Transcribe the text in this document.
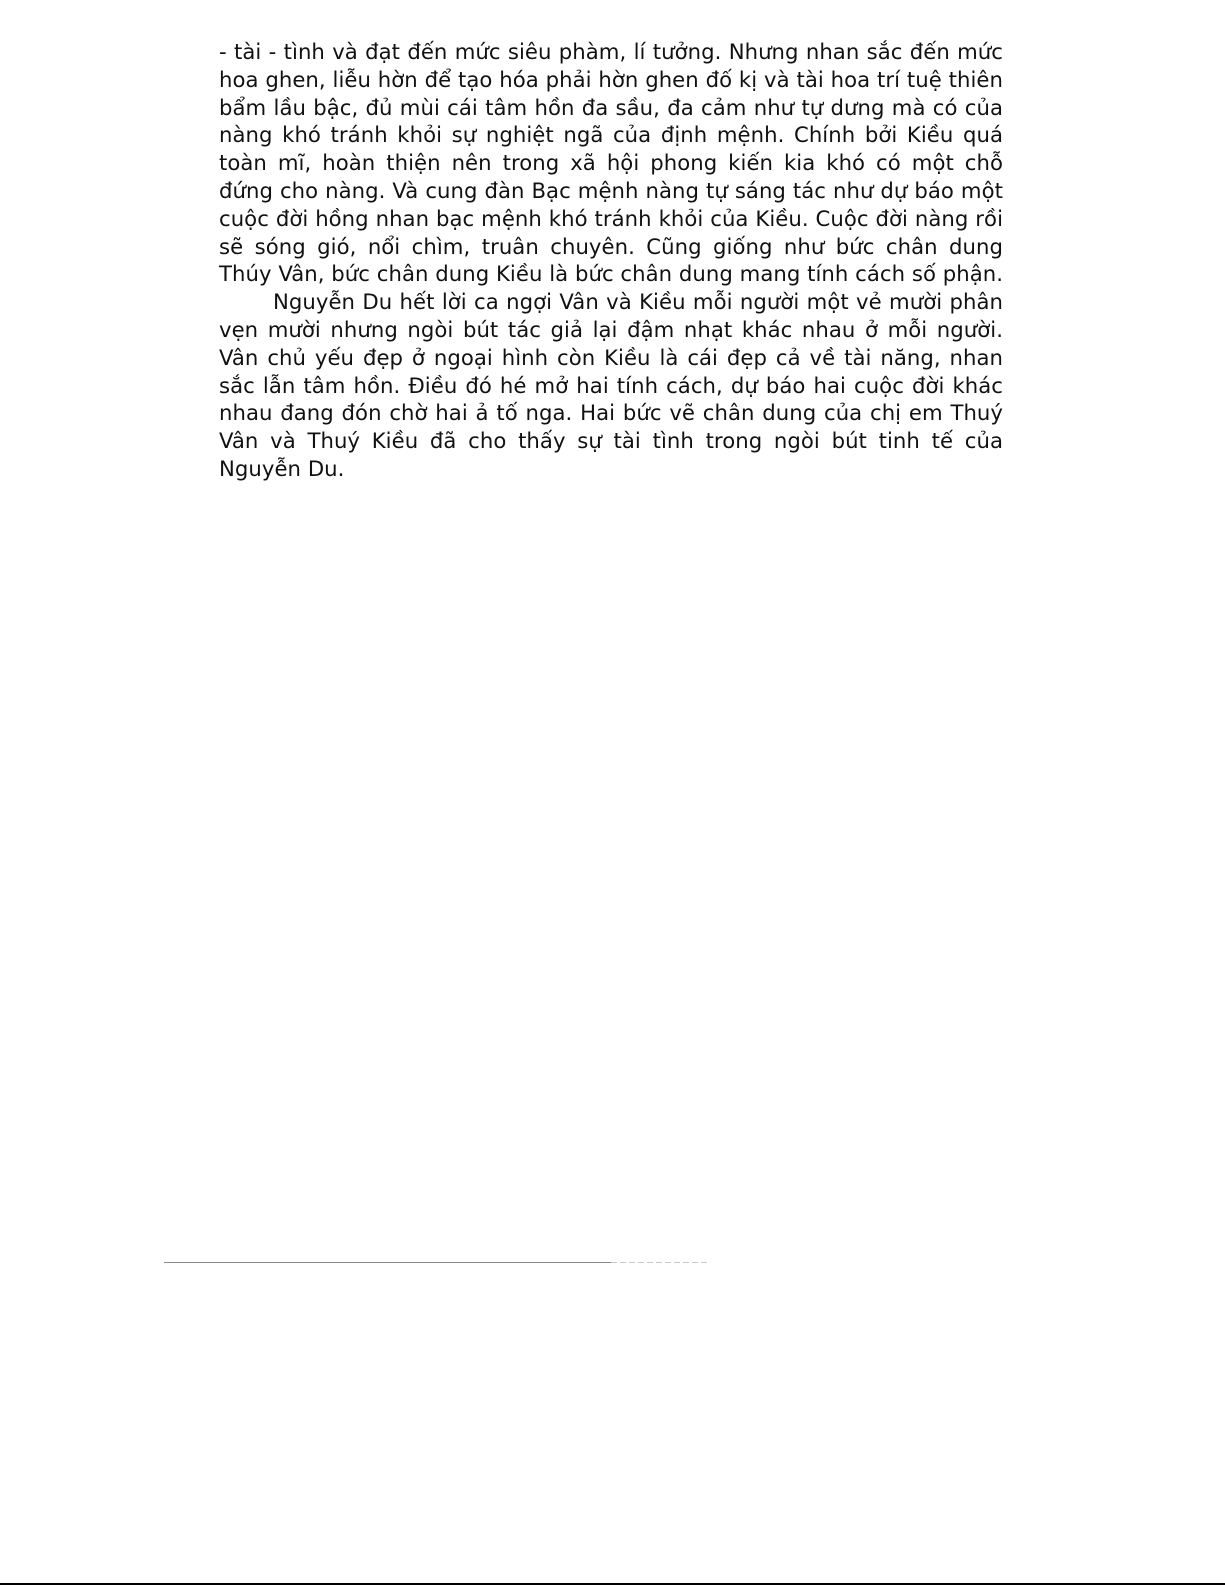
- tài - tình và đạt đến mức siêu phàm, lí tưởng. Nhưng nhan sắc đến mức hoa ghen, liễu hờn để tạo hóa phải hờn ghen đố kị và tài hoa trí tuệ thiên bẩm lầu bậc, đủ mùi cái tâm hồn đa sầu, đa cảm như tự dưng mà có của nàng khó tránh khỏi sự nghiệt ngã của định mệnh. Chính bởi Kiều quá toàn mĩ, hoàn thiện nên trong xã hội phong kiến kia khó có một chỗ đứng cho nàng. Và cung đàn Bạc mệnh nàng tự sáng tác như dự báo một cuộc đời hồng nhan bạc mệnh khó tránh khỏi của Kiều. Cuộc đời nàng rồi sẽ sóng gió, nổi chìm, truân chuyên. Cũng giống như bức chân dung Thúy Vân, bức chân dung Kiều là bức chân dung mang tính cách số phận.

Nguyễn Du hết lời ca ngợi Vân và Kiều mỗi người một vẻ mười phân vẹn mười nhưng ngòi bút tác giả lại đậm nhạt khác nhau ở mỗi người. Vân chủ yếu đẹp ở ngoại hình còn Kiều là cái đẹp cả về tài năng, nhan sắc lẫn tâm hồn. Điều đó hé mở hai tính cách, dự báo hai cuộc đời khác nhau đang đón chờ hai ả tố nga. Hai bức vẽ chân dung của chị em Thuý Vân và Thuý Kiều đã cho thấy sự tài tình trong ngòi bút tinh tế của Nguyễn Du.
